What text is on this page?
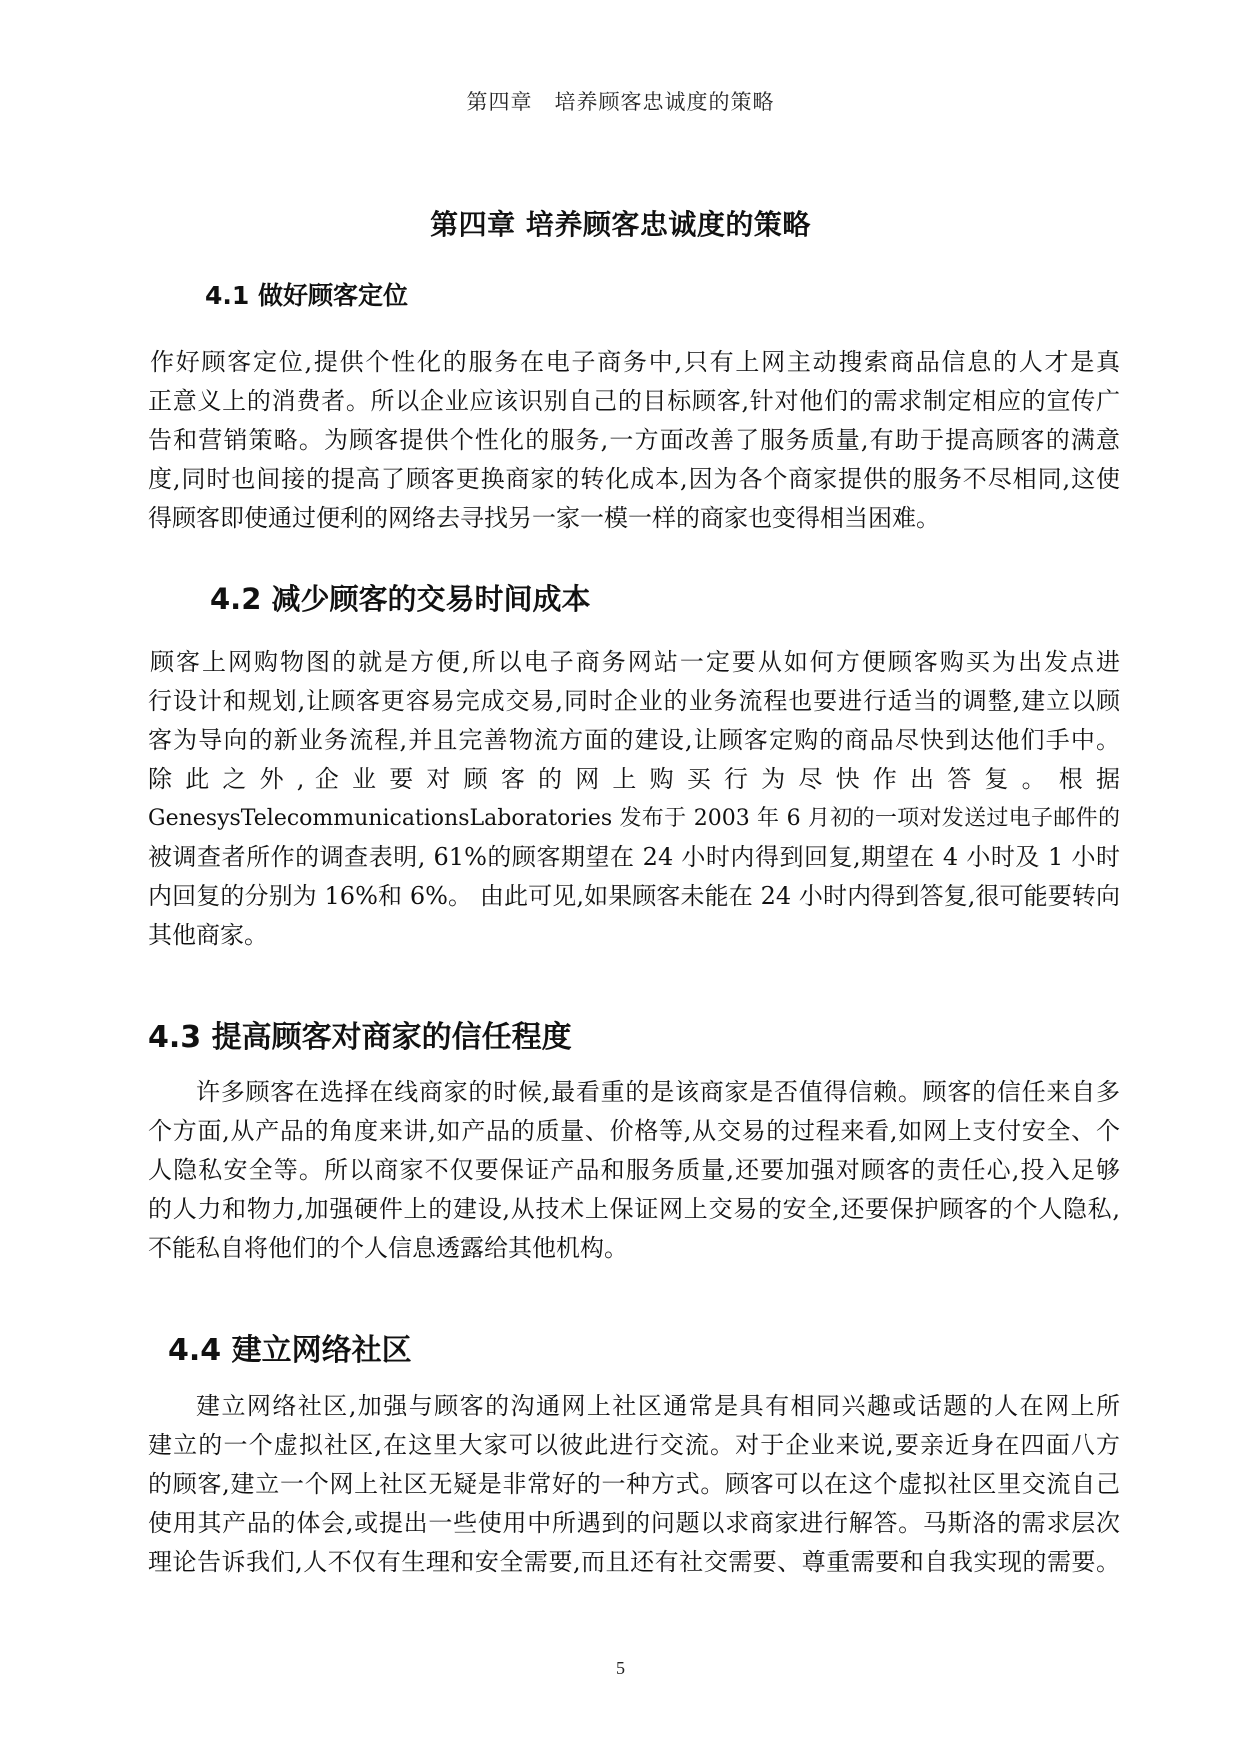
第四章 培养顾客忠诚度的策略
第四章 培养顾客忠诚度的策略
4.1 做好顾客定位
作好顾客定位,提供个性化的服务在电子商务中,只有上网主动搜索商品信息的人才是真
正意义上的消费者。所以企业应该识别自己的目标顾客,针对他们的需求制定相应的宣传广
告和营销策略。为顾客提供个性化的服务,一方面改善了服务质量,有助于提高顾客的满意
度,同时也间接的提高了顾客更换商家的转化成本,因为各个商家提供的服务不尽相同,这使
得顾客即使通过便利的网络去寻找另一家一模一样的商家也变得相当困难。
4.2 减少顾客的交易时间成本
顾客上网购物图的就是方便,所以电子商务网站一定要从如何方便顾客购买为出发点进
行设计和规划,让顾客更容易完成交易,同时企业的业务流程也要进行适当的调整,建立以顾
客为导向的新业务流程,并且完善物流方面的建设,让顾客定购的商品尽快到达他们手中。
除 此 之 外 , 企 业 要 对 顾 客 的 网 上 购 买 行 为 尽 快 作 出 答 复 。 根 据
GenesysTelecommunicationsLaboratories 发布于 2003 年 6 月初的一项对发送过电子邮件的
被调查者所作的调查表明, 61%的顾客期望在 24 小时内得到回复,期望在 4 小时及 1 小时
内回复的分别为 16%和 6%。 由此可见,如果顾客未能在 24 小时内得到答复,很可能要转向
其他商家。
4.3 提高顾客对商家的信任程度
许多顾客在选择在线商家的时候,最看重的是该商家是否值得信赖。顾客的信任来自多
个方面,从产品的角度来讲,如产品的质量、价格等,从交易的过程来看,如网上支付安全、个
人隐私安全等。所以商家不仅要保证产品和服务质量,还要加强对顾客的责任心,投入足够
的人力和物力,加强硬件上的建设,从技术上保证网上交易的安全,还要保护顾客的个人隐私,
不能私自将他们的个人信息透露给其他机构。
4.4 建立网络社区
建立网络社区,加强与顾客的沟通网上社区通常是具有相同兴趣或话题的人在网上所
建立的一个虚拟社区,在这里大家可以彼此进行交流。对于企业来说,要亲近身在四面八方
的顾客,建立一个网上社区无疑是非常好的一种方式。顾客可以在这个虚拟社区里交流自己
使用其产品的体会,或提出一些使用中所遇到的问题以求商家进行解答。马斯洛的需求层次
理论告诉我们,人不仅有生理和安全需要,而且还有社交需要、尊重需要和自我实现的需要。
5
